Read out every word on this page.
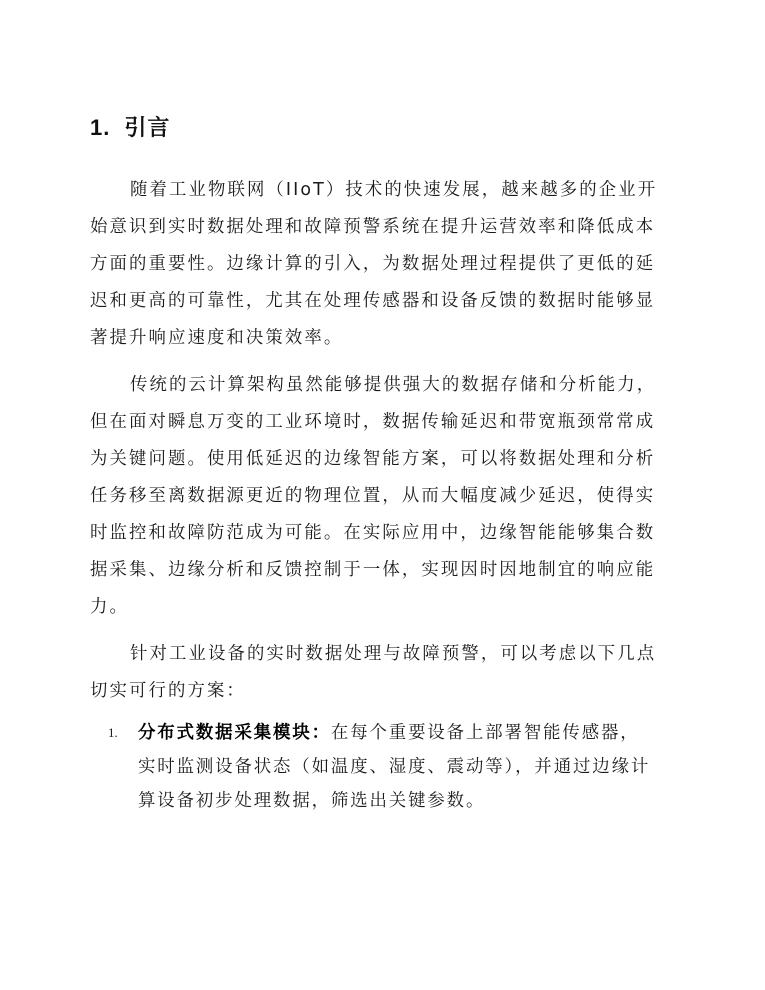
1. 引言

随着工业物联网（IIoT）技术的快速发展，越来越多的企业开
始意识到实时数据处理和故障预警系统在提升运营效率和降低成本
方面的重要性。边缘计算的引入，为数据处理过程提供了更低的延
迟和更高的可靠性，尤其在处理传感器和设备反馈的数据时能够显
著提升响应速度和决策效率。

传统的云计算架构虽然能够提供强大的数据存储和分析能力，
但在面对瞬息万变的工业环境时，数据传输延迟和带宽瓶颈常常成
为关键问题。使用低延迟的边缘智能方案，可以将数据处理和分析
任务移至离数据源更近的物理位置，从而大幅度减少延迟，使得实
时监控和故障防范成为可能。在实际应用中，边缘智能能够集合数
据采集、边缘分析和反馈控制于一体，实现因时因地制宜的响应能
力。

针对工业设备的实时数据处理与故障预警，可以考虑以下几点
切实可行的方案：

1. 分布式数据采集模块：在每个重要设备上部署智能传感器，
实时监测设备状态（如温度、湿度、震动等），并通过边缘计
算设备初步处理数据，筛选出关键参数。
